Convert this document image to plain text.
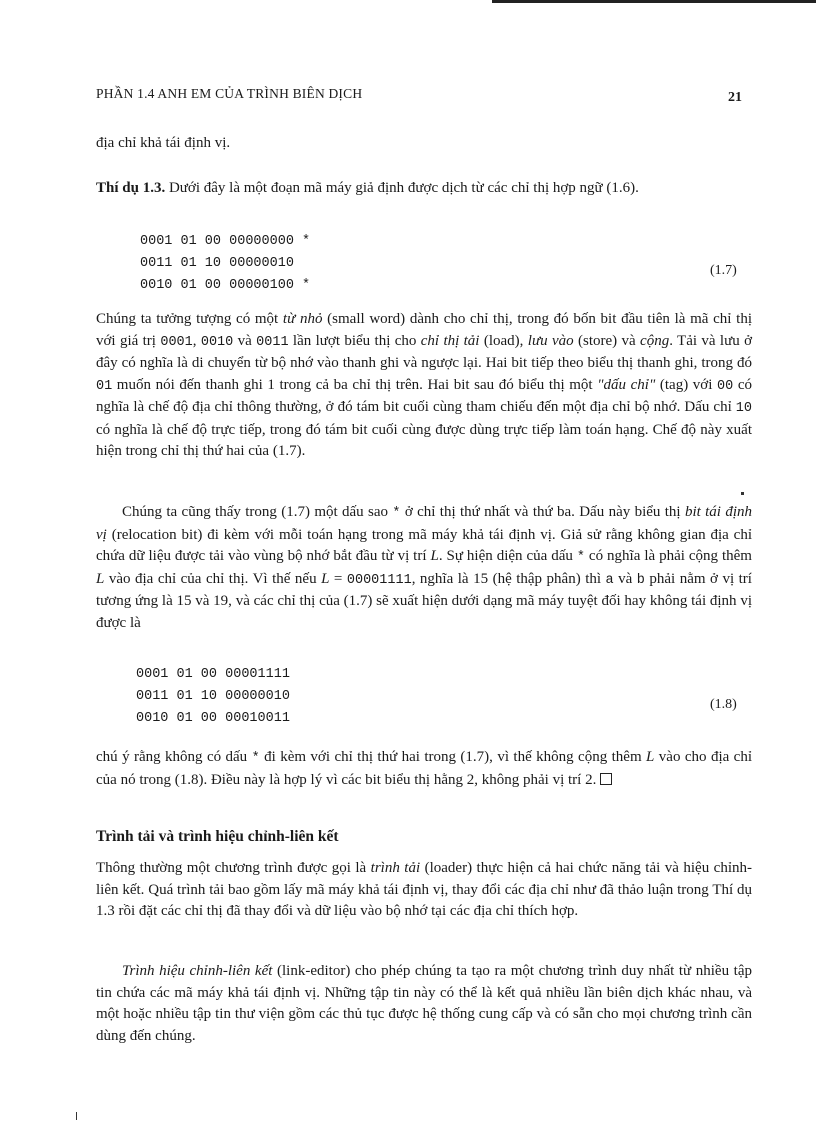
PHẦN 1.4 ANH EM CỦA TRÌNH BIÊN DỊCH	21

địa chỉ khả tái định vị.

Thí dụ 1.3. Dưới đây là một đoạn mã máy giả định được dịch từ các chỉ thị hợp ngữ (1.6).

0001 01 00 00000000 *
0011 01 10 00000010
0010 01 00 00000100 *
(1.7)

Chúng ta tưởng tượng có một từ nhỏ (small word) dành cho chỉ thị, trong đó bốn bit đầu tiên là mã chỉ thị với giá trị 0001, 0010 và 0011 lần lượt biểu thị cho chỉ thị tải (load), lưu vào (store) và cộng. Tải và lưu ở đây có nghĩa là di chuyển từ bộ nhớ vào thanh ghi và ngược lại. Hai bit tiếp theo biểu thị thanh ghi, trong đó 01 muốn nói đến thanh ghi 1 trong cả ba chỉ thị trên. Hai bit sau đó biểu thị một "dấu chỉ" (tag) với 00 có nghĩa là chế độ địa chỉ thông thường, ở đó tám bit cuối cùng tham chiếu đến một địa chỉ bộ nhớ. Dấu chỉ 10 có nghĩa là chế độ trực tiếp, trong đó tám bit cuối cùng được dùng trực tiếp làm toán hạng. Chế độ này xuất hiện trong chỉ thị thứ hai của (1.7).

Chúng ta cũng thấy trong (1.7) một dấu sao * ở chỉ thị thứ nhất và thứ ba. Dấu này biểu thị bit tái định vị (relocation bit) đi kèm với mỗi toán hạng trong mã máy khả tái định vị. Giả sử rằng không gian địa chỉ chứa dữ liệu được tải vào vùng bộ nhớ bắt đầu từ vị trí L. Sự hiện diện của dấu * có nghĩa là phải cộng thêm L vào địa chỉ của chỉ thị. Vì thế nếu L = 00001111, nghĩa là 15 (hệ thập phân) thì a và b phải nằm ở vị trí tương ứng là 15 và 19, và các chỉ thị của (1.7) sẽ xuất hiện dưới dạng mã máy tuyệt đối hay không tái định vị được là

0001 01 00 00001111
0011 01 10 00000010
0010 01 00 00010011
(1.8)

chú ý rằng không có dấu * đi kèm với chỉ thị thứ hai trong (1.7), vì thế không cộng thêm L vào cho địa chỉ của nó trong (1.8). Điều này là hợp lý vì các bit biểu thị hằng 2, không phải vị trí 2.

Trình tải và trình hiệu chỉnh-liên kết

Thông thường một chương trình được gọi là trình tải (loader) thực hiện cả hai chức năng tải và hiệu chỉnh-liên kết. Quá trình tải bao gồm lấy mã máy khả tái định vị, thay đổi các địa chỉ như đã thảo luận trong Thí dụ 1.3 rồi đặt các chỉ thị đã thay đổi và dữ liệu vào bộ nhớ tại các địa chỉ thích hợp.

Trình hiệu chỉnh-liên kết (link-editor) cho phép chúng ta tạo ra một chương trình duy nhất từ nhiều tập tin chứa các mã máy khả tái định vị. Những tập tin này có thể là kết quả nhiều lần biên dịch khác nhau, và một hoặc nhiều tập tin thư viện gồm các thủ tục được hệ thống cung cấp và có sẵn cho mọi chương trình cần dùng đến chúng.
